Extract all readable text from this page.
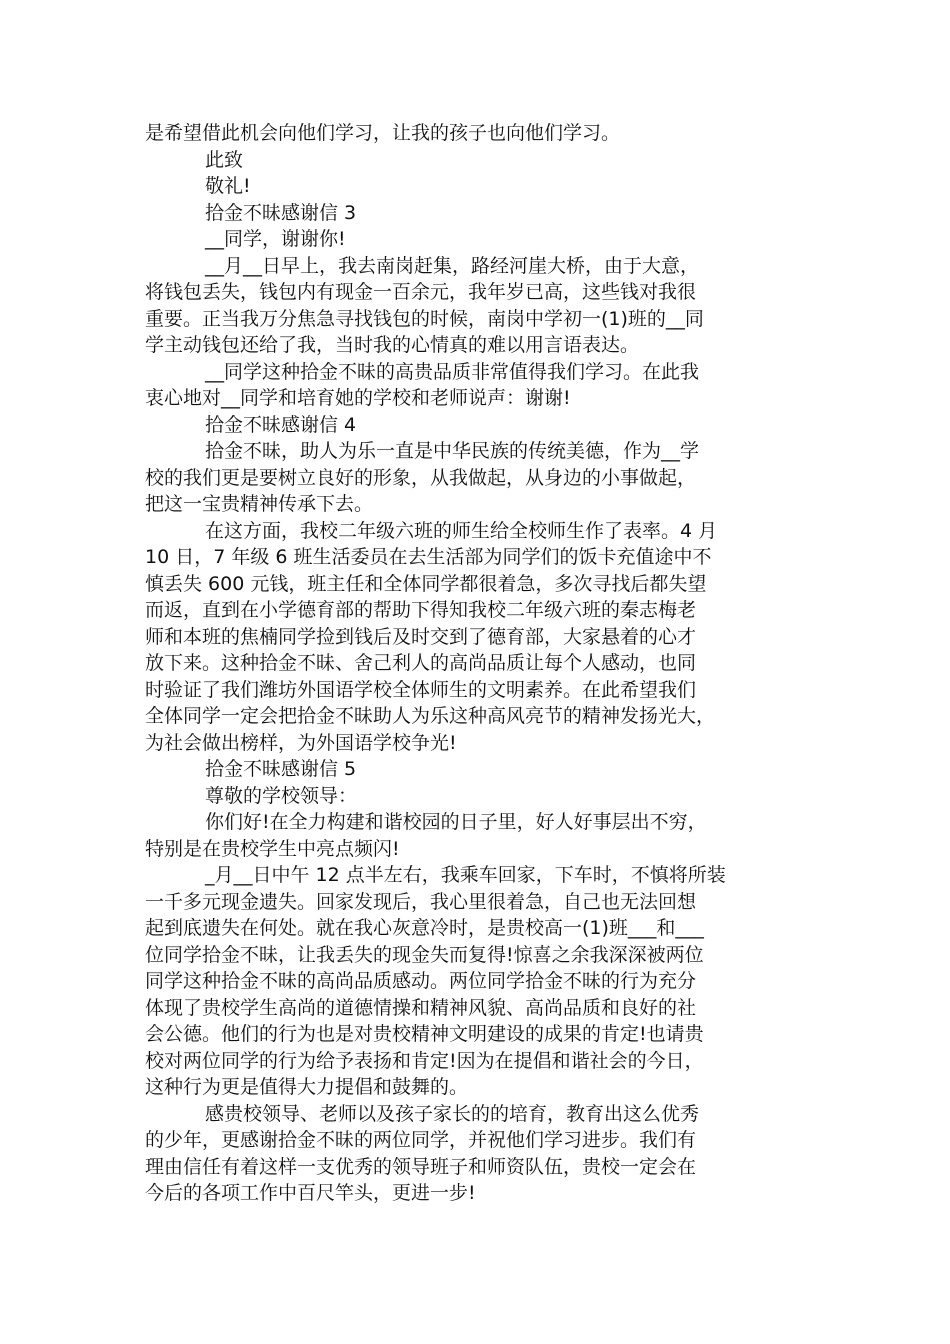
是希望借此机会向他们学习，让我的孩子也向他们学习。
此致
敬礼!
拾金不昧感谢信 3
__同学，谢谢你!
__月__日早上，我去南岗赶集，路经河崖大桥，由于大意，
将钱包丢失，钱包内有现金一百余元，我年岁已高，这些钱对我很
重要。正当我万分焦急寻找钱包的时候，南岗中学初一(1)班的__同
学主动钱包还给了我，当时我的心情真的难以用言语表达。
__同学这种拾金不昧的高贵品质非常值得我们学习。在此我
衷心地对__同学和培育她的学校和老师说声：谢谢!
拾金不昧感谢信 4
拾金不昧，助人为乐一直是中华民族的传统美德，作为__学
校的我们更是要树立良好的形象，从我做起，从身边的小事做起，
把这一宝贵精神传承下去。
在这方面，我校二年级六班的师生给全校师生作了表率。4 月
10 日，7 年级 6 班生活委员在去生活部为同学们的饭卡充值途中不
慎丢失 600 元钱，班主任和全体同学都很着急，多次寻找后都失望
而返，直到在小学德育部的帮助下得知我校二年级六班的秦志梅老
师和本班的焦楠同学捡到钱后及时交到了德育部，大家悬着的心才
放下来。这种拾金不昧、舍己利人的高尚品质让每个人感动，也同
时验证了我们潍坊外国语学校全体师生的文明素养。在此希望我们
全体同学一定会把拾金不昧助人为乐这种高风亮节的精神发扬光大，
为社会做出榜样，为外国语学校争光!
拾金不昧感谢信 5
尊敬的学校领导：
你们好!在全力构建和谐校园的日子里，好人好事层出不穷，
特别是在贵校学生中亮点频闪!
_月__日中午 12 点半左右，我乘车回家，下车时，不慎将所装
一千多元现金遗失。回家发现后，我心里很着急，自己也无法回想
起到底遗失在何处。就在我心灰意冷时，是贵校高一(1)班___和___
位同学拾金不昧，让我丢失的现金失而复得!惊喜之余我深深被两位
同学这种拾金不昧的高尚品质感动。两位同学拾金不昧的行为充分
体现了贵校学生高尚的道德情操和精神风貌、高尚品质和良好的社
会公德。他们的行为也是对贵校精神文明建设的成果的肯定!也请贵
校对两位同学的行为给予表扬和肯定!因为在提倡和谐社会的今日，
这种行为更是值得大力提倡和鼓舞的。
感贵校领导、老师以及孩子家长的的培育，教育出这么优秀
的少年，更感谢拾金不昧的两位同学，并祝他们学习进步。我们有
理由信任有着这样一支优秀的领导班子和师资队伍，贵校一定会在
今后的各项工作中百尺竿头，更进一步!
